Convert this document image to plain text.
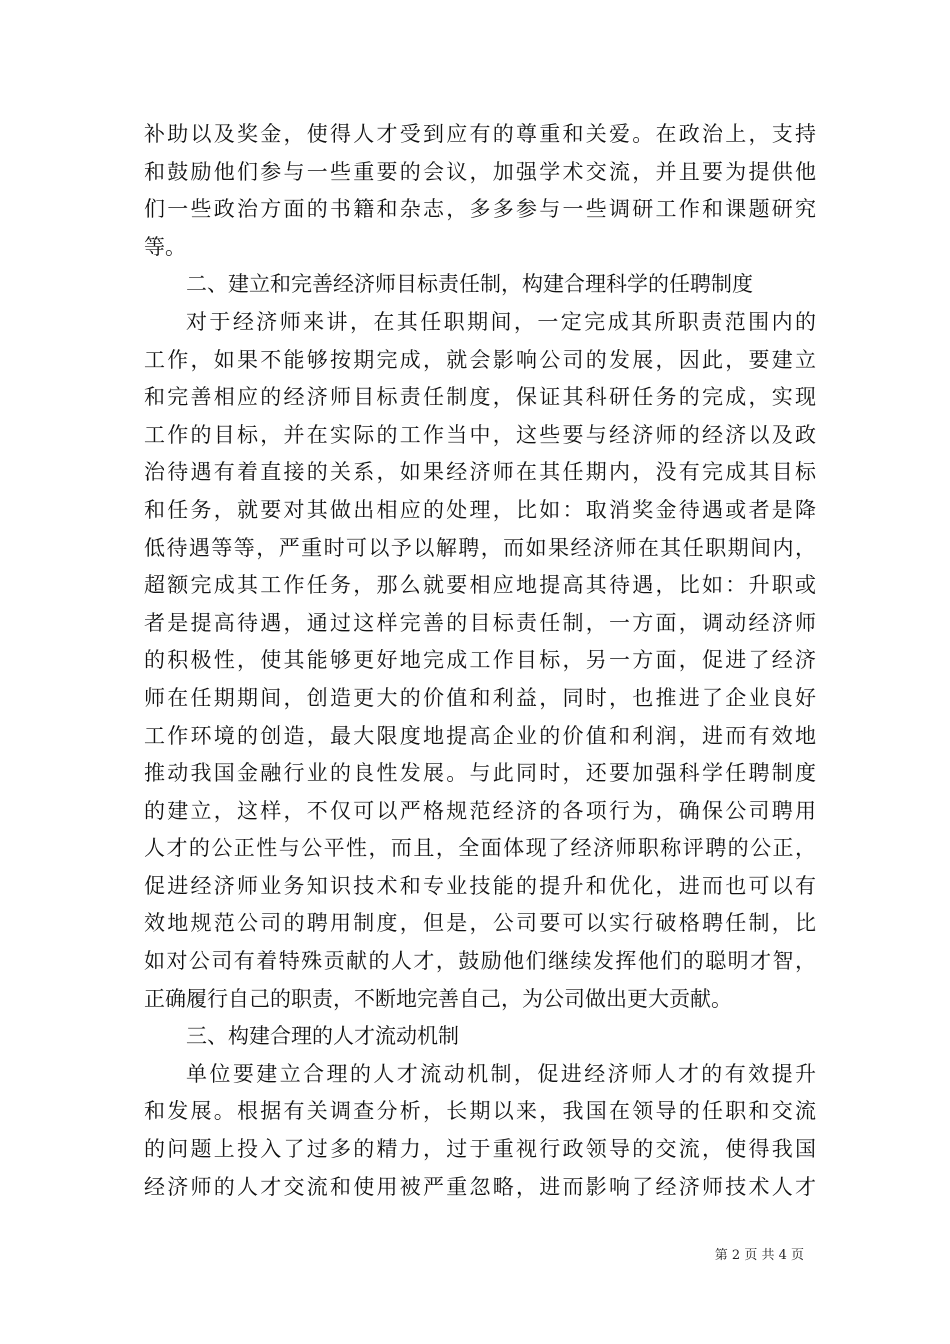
补助以及奖金，使得人才受到应有的尊重和关爱。在政治上，支持
和鼓励他们参与一些重要的会议，加强学术交流，并且要为提供他
们一些政治方面的书籍和杂志，多多参与一些调研工作和课题研究
等。
二、建立和完善经济师目标责任制，构建合理科学的任聘制度
对于经济师来讲，在其任职期间，一定完成其所职责范围内的
工作，如果不能够按期完成，就会影响公司的发展，因此，要建立
和完善相应的经济师目标责任制度，保证其科研任务的完成，实现
工作的目标，并在实际的工作当中，这些要与经济师的经济以及政
治待遇有着直接的关系，如果经济师在其任期内，没有完成其目标
和任务，就要对其做出相应的处理，比如：取消奖金待遇或者是降
低待遇等等，严重时可以予以解聘，而如果经济师在其任职期间内，
超额完成其工作任务，那么就要相应地提高其待遇，比如：升职或
者是提高待遇，通过这样完善的目标责任制，一方面，调动经济师
的积极性，使其能够更好地完成工作目标，另一方面，促进了经济
师在任期期间，创造更大的价值和利益，同时，也推进了企业良好
工作环境的创造，最大限度地提高企业的价值和利润，进而有效地
推动我国金融行业的良性发展。与此同时，还要加强科学任聘制度
的建立，这样，不仅可以严格规范经济的各项行为，确保公司聘用
人才的公正性与公平性，而且，全面体现了经济师职称评聘的公正，
促进经济师业务知识技术和专业技能的提升和优化，进而也可以有
效地规范公司的聘用制度，但是，公司要可以实行破格聘任制，比
如对公司有着特殊贡献的人才，鼓励他们继续发挥他们的聪明才智，
正确履行自己的职责，不断地完善自己，为公司做出更大贡献。
三、构建合理的人才流动机制
单位要建立合理的人才流动机制，促进经济师人才的有效提升
和发展。根据有关调查分析，长期以来，我国在领导的任职和交流
的问题上投入了过多的精力，过于重视行政领导的交流，使得我国
经济师的人才交流和使用被严重忽略，进而影响了经济师技术人才
第 2 页 共 4 页
